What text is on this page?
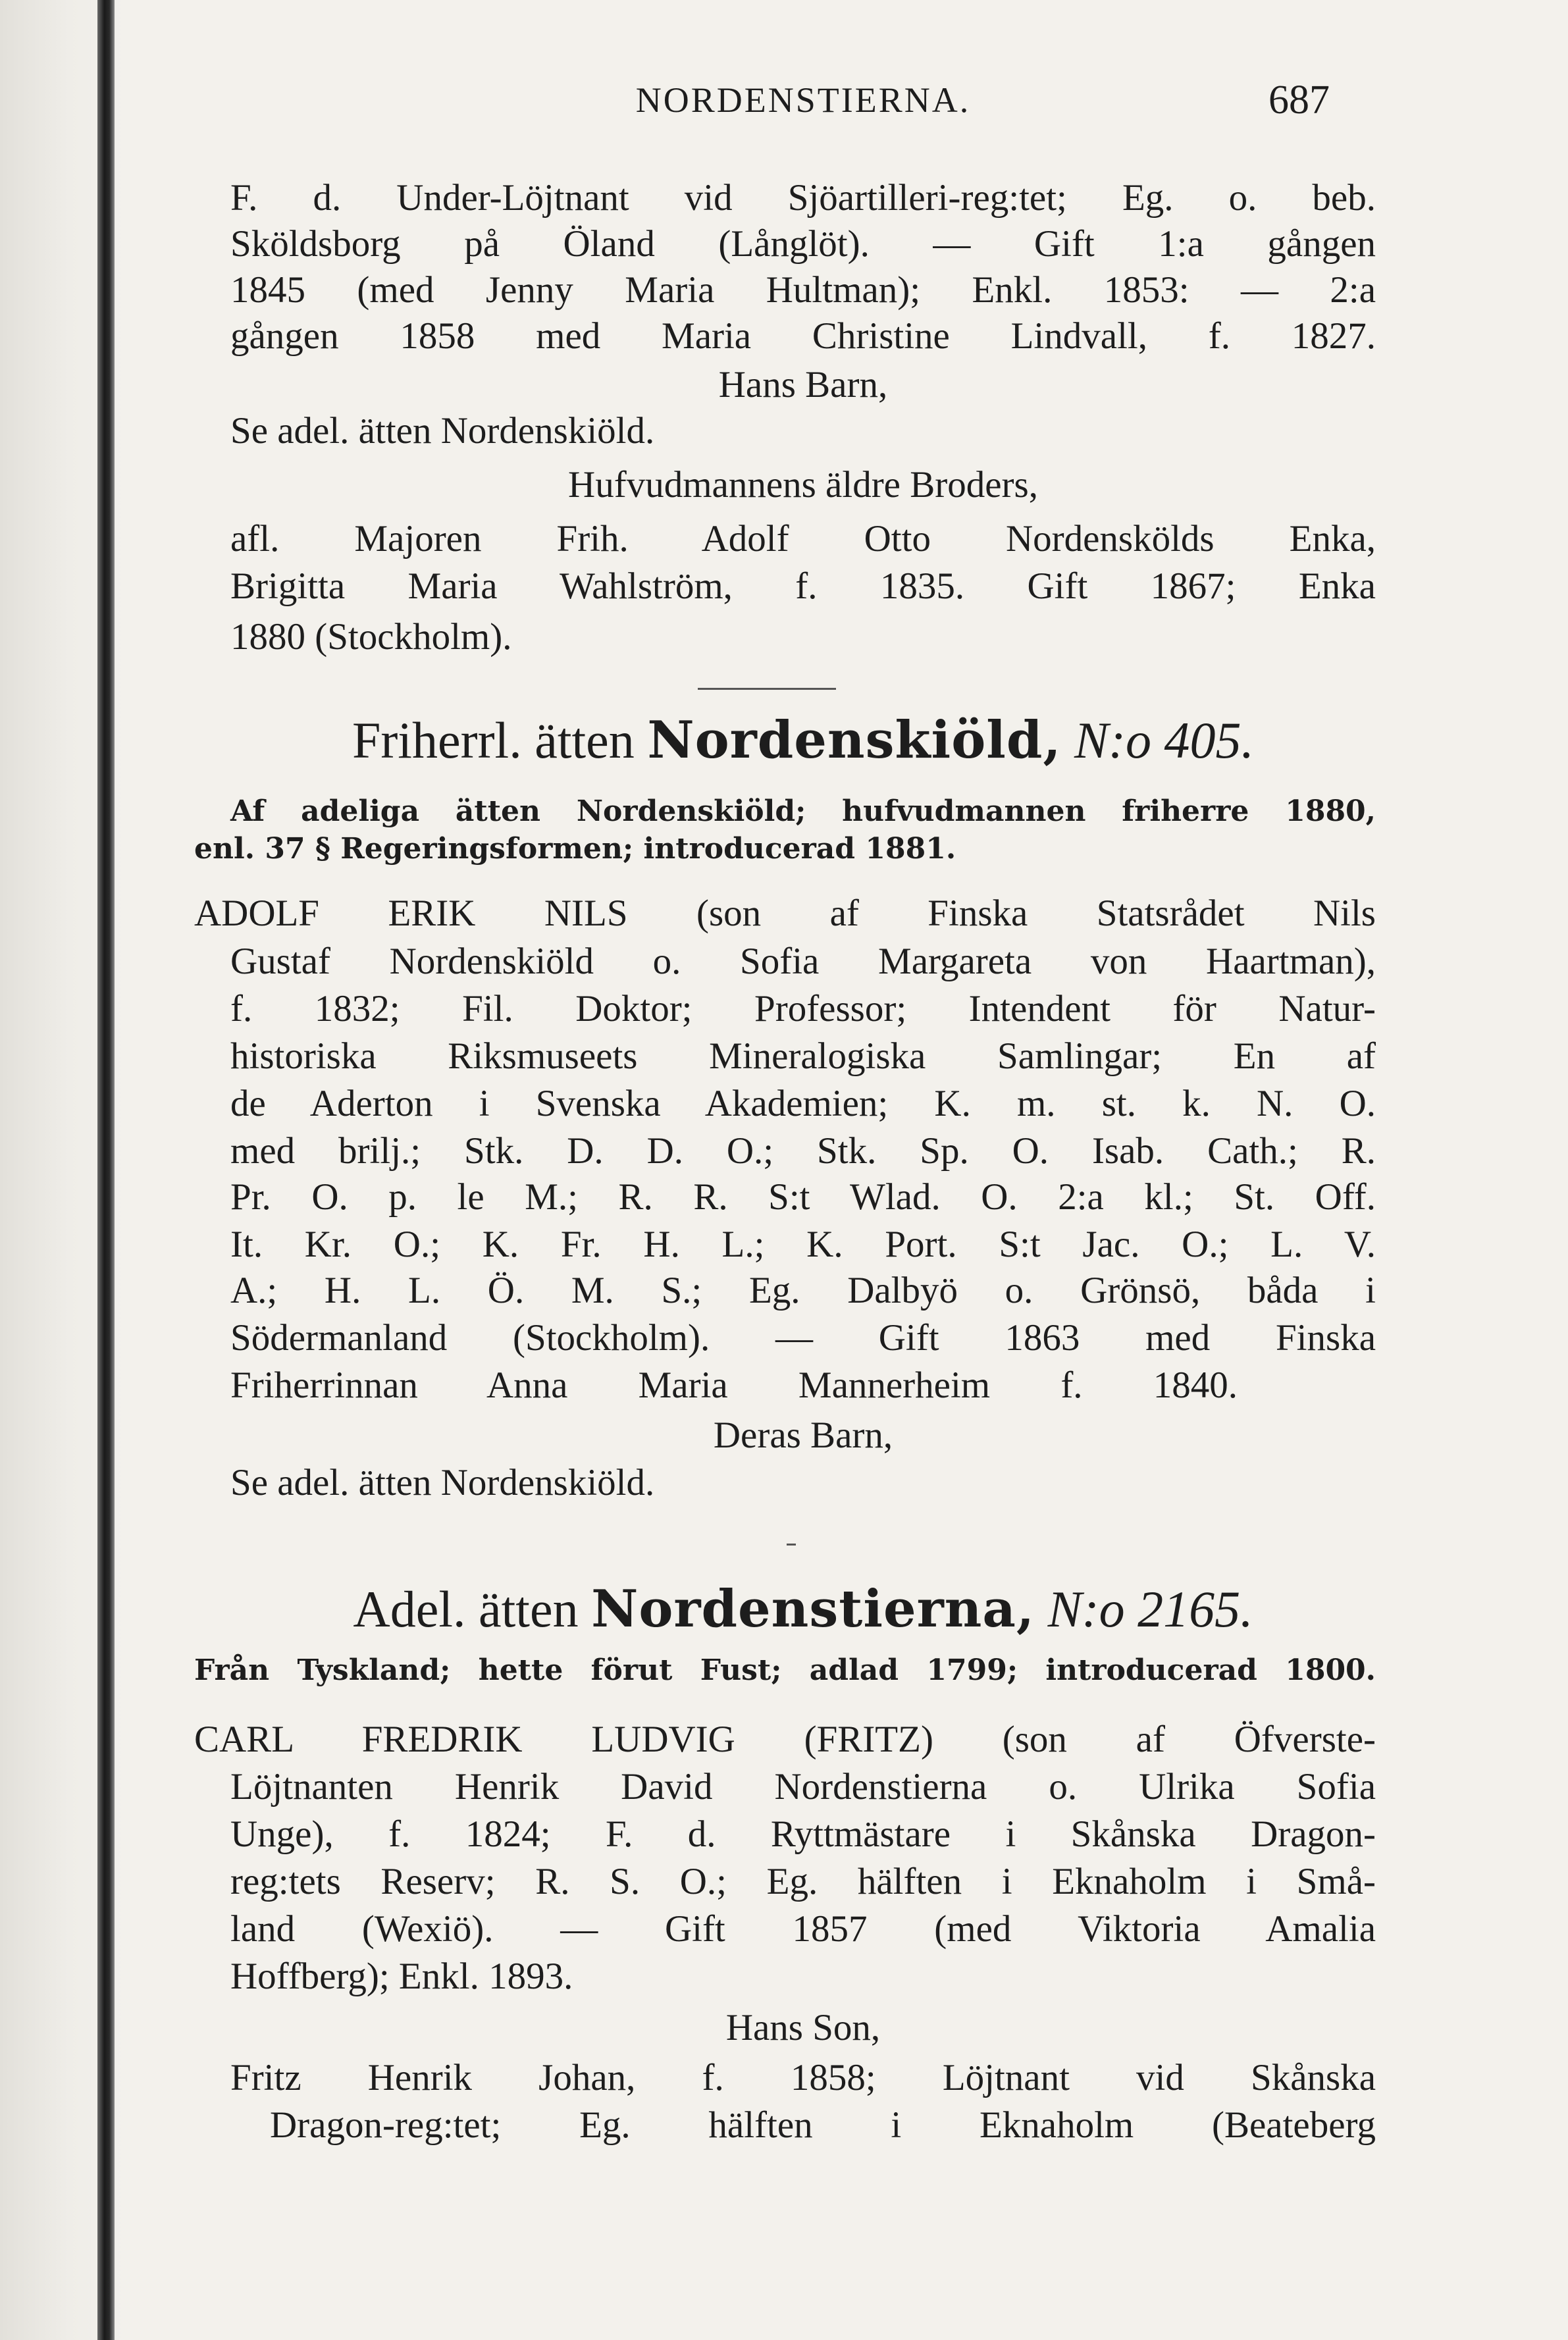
NORDENSTIERNA.	687
F. d. Under-Löjtnant vid Sjöartilleri-reg:tet; Eg. o. beb.
Sköldsborg på Öland (Långlöt). — Gift 1:a gången
1845 (med Jenny Maria Hultman); Enkl. 1853: — 2:a
gången 1858 med Maria Christine Lindvall, f. 1827.
Hans Barn,
Se adel. ätten Nordenskiöld.
Hufvudmannens äldre Broders,
afl. Majoren Frih. Adolf Otto Nordenskölds Enka,
Brigitta Maria Wahlström, f. 1835. Gift 1867; Enka
1880 (Stockholm).
Friherrl. ätten Nordenskiöld, N:o 405.
Af adeliga ätten Nordenskiöld; hufvudmannen friherre 1880,
enl. 37 § Regeringsformen; introducerad 1881.
ADOLF ERIK NILS (son af Finska Statsrådet Nils
Gustaf Nordenskiöld o. Sofia Margareta von Haartman),
f. 1832; Fil. Doktor; Professor; Intendent för Natur-
historiska Riksmuseets Mineralogiska Samlingar; En af
de Aderton i Svenska Akademien; K. m. st. k. N. O.
med brilj.; Stk. D. D. O.; Stk. Sp. O. Isab. Cath.; R.
Pr. O. p. le M.; R. R. S:t Wlad. O. 2:a kl.; St. Off.
It. Kr. O.; K. Fr. H. L.; K. Port. S:t Jac. O.; L. V.
A.; H. L. Ö. M. S.; Eg. Dalbyö o. Grönsö, båda i
Södermanland (Stockholm). — Gift 1863 med Finska
Friherrinnan Anna Maria Mannerheim f. 1840.
Deras Barn,
Se adel. ätten Nordenskiöld.
Adel. ätten Nordenstierna, N:o 2165.
Från Tyskland; hette förut Fust; adlad 1799; introducerad 1800.
CARL FREDRIK LUDVIG (FRITZ) (son af Öfverste-
Löjtnanten Henrik David Nordenstierna o. Ulrika Sofia
Unge), f. 1824; F. d. Ryttmästare i Skånska Dragon-
reg:tets Reserv; R. S. O.; Eg. hälften i Eknaholm i Små-
land (Wexiö). — Gift 1857 (med Viktoria Amalia
Hoffberg); Enkl. 1893.
Hans Son,
Fritz Henrik Johan, f. 1858; Löjtnant vid Skånska
Dragon-reg:tet; Eg. hälften i Eknaholm (Beateberg
